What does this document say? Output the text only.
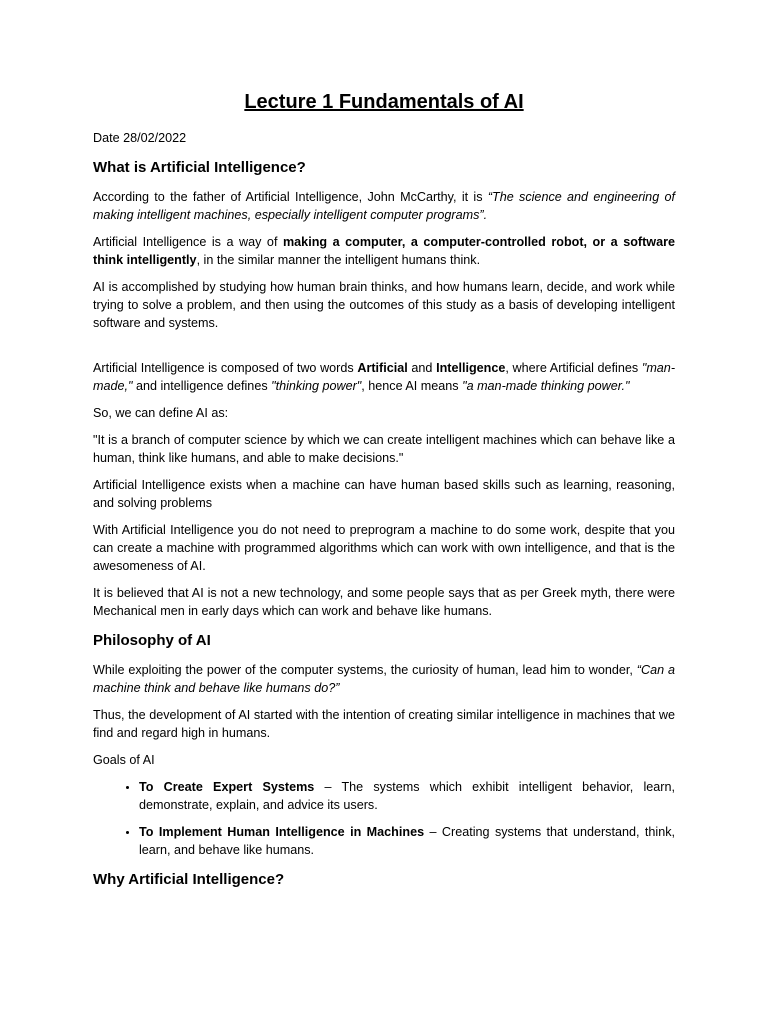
Lecture 1 Fundamentals of AI

Date 28/02/2022

What is Artificial Intelligence?

According to the father of Artificial Intelligence, John McCarthy, it is “The science and engineering of making intelligent machines, especially intelligent computer programs”.

Artificial Intelligence is a way of making a computer, a computer-controlled robot, or a software think intelligently, in the similar manner the intelligent humans think.

AI is accomplished by studying how human brain thinks, and how humans learn, decide, and work while trying to solve a problem, and then using the outcomes of this study as a basis of developing intelligent software and systems.

Artificial Intelligence is composed of two words Artificial and Intelligence, where Artificial defines "man-made," and intelligence defines "thinking power", hence AI means "a man-made thinking power."

So, we can define AI as:

"It is a branch of computer science by which we can create intelligent machines which can behave like a human, think like humans, and able to make decisions."

Artificial Intelligence exists when a machine can have human based skills such as learning, reasoning, and solving problems

With Artificial Intelligence you do not need to preprogram a machine to do some work, despite that you can create a machine with programmed algorithms which can work with own intelligence, and that is the awesomeness of AI.

It is believed that AI is not a new technology, and some people says that as per Greek myth, there were Mechanical men in early days which can work and behave like humans.

Philosophy of AI

While exploiting the power of the computer systems, the curiosity of human, lead him to wonder, “Can a machine think and behave like humans do?”

Thus, the development of AI started with the intention of creating similar intelligence in machines that we find and regard high in humans.

Goals of AI

• To Create Expert Systems – The systems which exhibit intelligent behavior, learn, demonstrate, explain, and advice its users.
• To Implement Human Intelligence in Machines – Creating systems that understand, think, learn, and behave like humans.
Why Artificial Intelligence?
